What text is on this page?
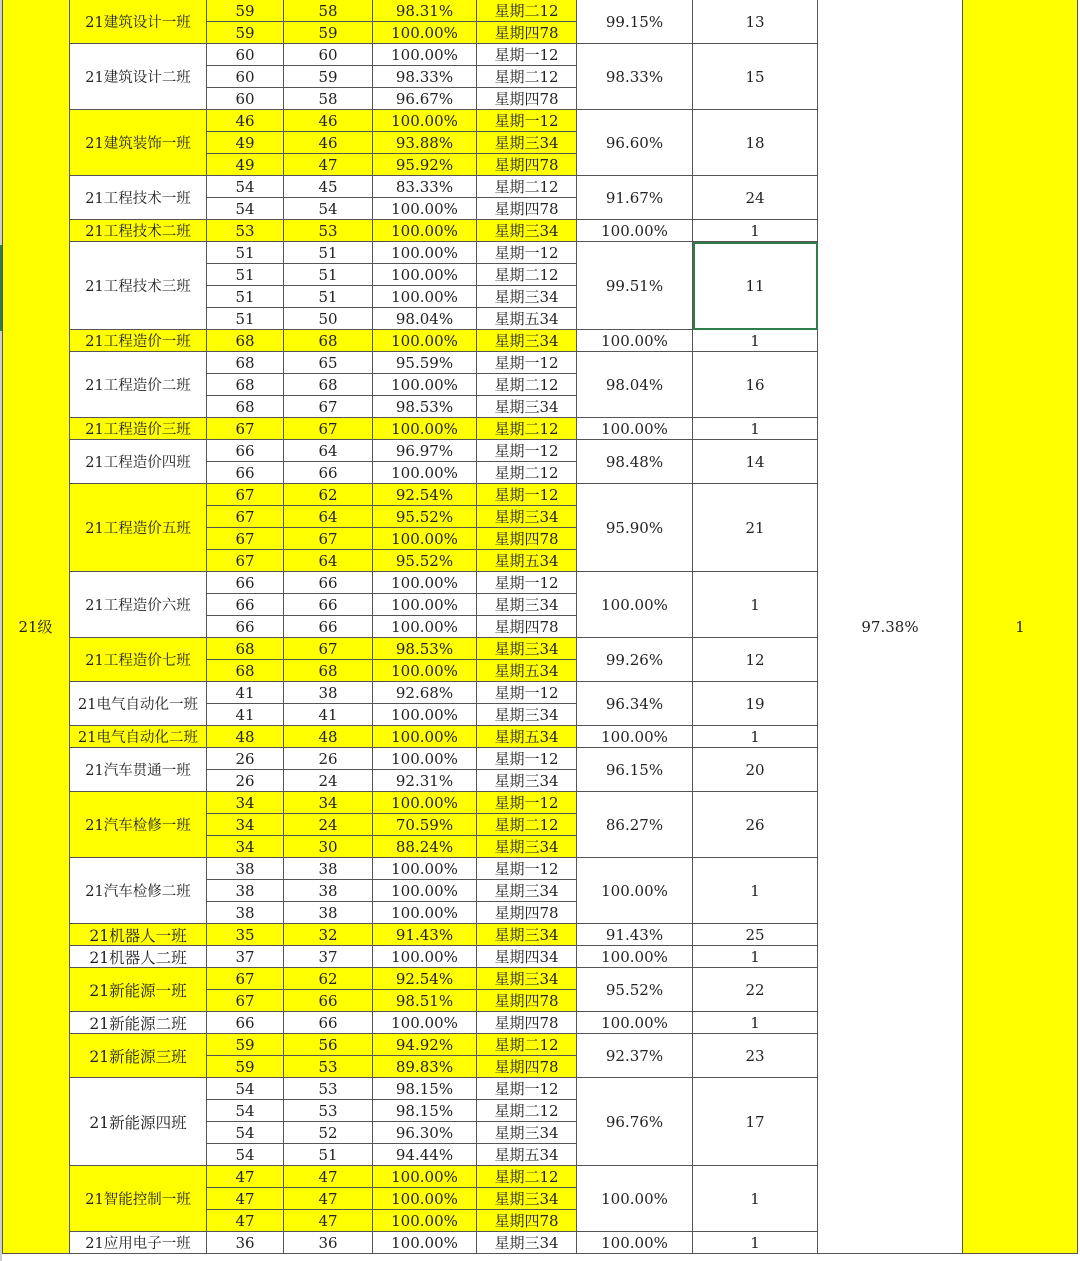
21级
21建筑设计一班
59	58	98.31%	星期二12
59	59	100.00%	星期四78
99.15%	13
21建筑设计二班
60	60	100.00%	星期一12
60	59	98.33%	星期二12
60	58	96.67%	星期四78
98.33%	15
21建筑装饰一班
46	46	100.00%	星期一12
49	46	93.88%	星期三34
49	47	95.92%	星期四78
96.60%	18
21工程技术一班
54	45	83.33%	星期二12
54	54	100.00%	星期四78
91.67%	24
21工程技术二班	53	53	100.00%	星期三34	100.00%	1
21工程技术三班
51	51	100.00%	星期一12
51	51	100.00%	星期二12
51	51	100.00%	星期三34
51	50	98.04%	星期五34
99.51%	11
21工程造价一班	68	68	100.00%	星期三34	100.00%	1
21工程造价二班
68	65	95.59%	星期一12
68	68	100.00%	星期二12
68	67	98.53%	星期三34
98.04%	16
21工程造价三班	67	67	100.00%	星期二12	100.00%	1
21工程造价四班
66	64	96.97%	星期一12
66	66	100.00%	星期二12
98.48%	14
21工程造价五班
67	62	92.54%	星期一12
67	64	95.52%	星期三34
67	67	100.00%	星期四78
67	64	95.52%	星期五34
95.90%	21
21工程造价六班
66	66	100.00%	星期一12
66	66	100.00%	星期三34
66	66	100.00%	星期四78
100.00%	1
21工程造价七班
68	67	98.53%	星期三34
68	68	100.00%	星期五34
99.26%	12
21电气自动化一班
41	38	92.68%	星期一12
41	41	100.00%	星期三34
96.34%	19
21电气自动化二班	48	48	100.00%	星期五34	100.00%	1
21汽车贯通一班
26	26	100.00%	星期一12
26	24	92.31%	星期三34
96.15%	20
21汽车检修一班
34	34	100.00%	星期一12
34	24	70.59%	星期二12
34	30	88.24%	星期三34
86.27%	26
21汽车检修二班
38	38	100.00%	星期一12
38	38	100.00%	星期三34
38	38	100.00%	星期四78
100.00%	1
21机器人一班	35	32	91.43%	星期三34	91.43%	25
21机器人二班	37	37	100.00%	星期四34	100.00%	1
21新能源一班
67	62	92.54%	星期三34
67	66	98.51%	星期四78
95.52%	22
21新能源二班	66	66	100.00%	星期四78	100.00%	1
21新能源三班
59	56	94.92%	星期二12
59	53	89.83%	星期四78
92.37%	23
21新能源四班
54	53	98.15%	星期一12
54	53	98.15%	星期二12
54	52	96.30%	星期三34
54	51	94.44%	星期五34
96.76%	17
21智能控制一班
47	47	100.00%	星期二12
47	47	100.00%	星期三34
47	47	100.00%	星期四78
100.00%	1
21应用电子一班	36	36	100.00%	星期三34	100.00%	1
97.38%	1
